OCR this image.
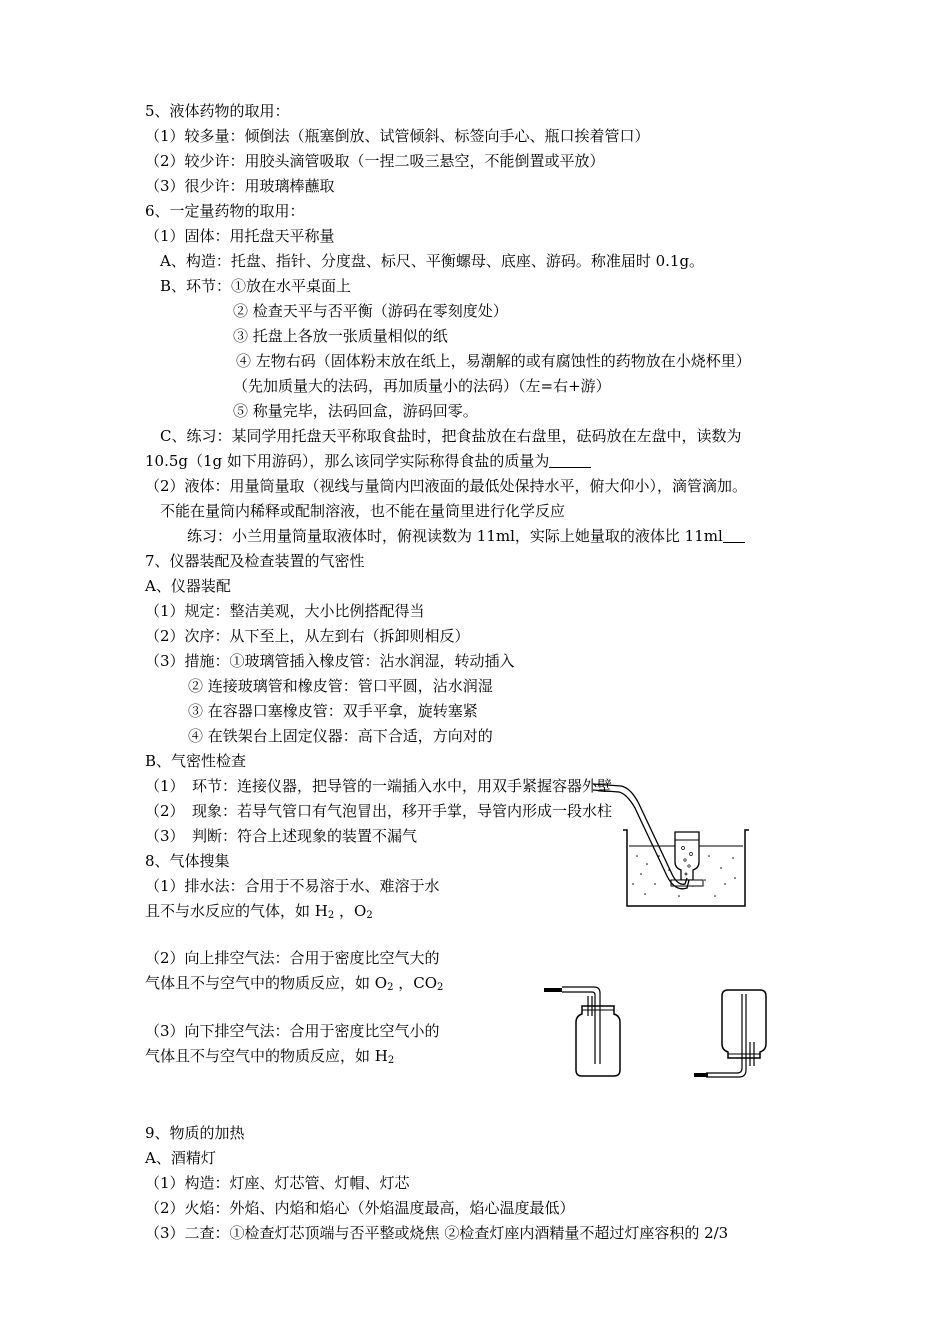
5、液体药物的取用：
（1）较多量：倾倒法（瓶塞倒放、试管倾斜、标签向手心、瓶口挨着管口）
（2）较少许：用胶头滴管吸取（一捏二吸三悬空，不能倒置或平放）
（3）很少许：用玻璃棒蘸取
6、一定量药物的取用：
（1）固体：用托盘天平称量
A、构造：托盘、指针、分度盘、标尺、平衡螺母、底座、游码。称准届时 0.1g。
B、环节：①放在水平桌面上
② 检查天平与否平衡（游码在零刻度处）
③ 托盘上各放一张质量相似的纸
④ 左物右码（固体粉末放在纸上，易潮解的或有腐蚀性的药物放在小烧杯里）
（先加质量大的法码，再加质量小的法码）（左=右+游）
⑤ 称量完毕，法码回盒，游码回零。
C、练习：某同学用托盘天平称取食盐时，把食盐放在右盘里，砝码放在左盘中，读数为
10.5g（1g 如下用游码），那么该同学实际称得食盐的质量为
（2）液体：用量筒量取（视线与量筒内凹液面的最低处保持水平，俯大仰小），滴管滴加。
不能在量筒内稀释或配制溶液，也不能在量筒里进行化学反应
练习：小兰用量筒量取液体时，俯视读数为 11ml，实际上她量取的液体比 11ml
7、仪器装配及检查装置的气密性
A、仪器装配
（1）规定：整洁美观，大小比例搭配得当
（2）次序：从下至上，从左到右（拆卸则相反）
（3）措施：①玻璃管插入橡皮管：沾水润湿，转动插入
② 连接玻璃管和橡皮管：管口平圆，沾水润湿
③ 在容器口塞橡皮管：双手平拿，旋转塞紧
④ 在铁架台上固定仪器：高下合适，方向对的
B、气密性检查
（1）　环节：连接仪器，把导管的一端插入水中，用双手紧握容器外壁
（2）　现象：若导气管口有气泡冒出，移开手掌，导管内形成一段水柱
（3）　判断：符合上述现象的装置不漏气
8、气体搜集
（1）排水法：合用于不易溶于水、难溶于水
且不与水反应的气体，如 $H_2$ ，$O_2$
（2）向上排空气法：合用于密度比空气大的
气体且不与空气中的物质反应，如 $O_2$ ，$CO_2$
（3）向下排空气法：合用于密度比空气小的
气体且不与空气中的物质反应，如 $H_2$
9、物质的加热
A、酒精灯
（1）构造：灯座、灯芯管、灯帽、灯芯
（2）火焰：外焰、内焰和焰心（外焰温度最高，焰心温度最低）
（3）二查：①检查灯芯顶端与否平整或烧焦 ②检查灯座内酒精量不超过灯座容积的 2/3
